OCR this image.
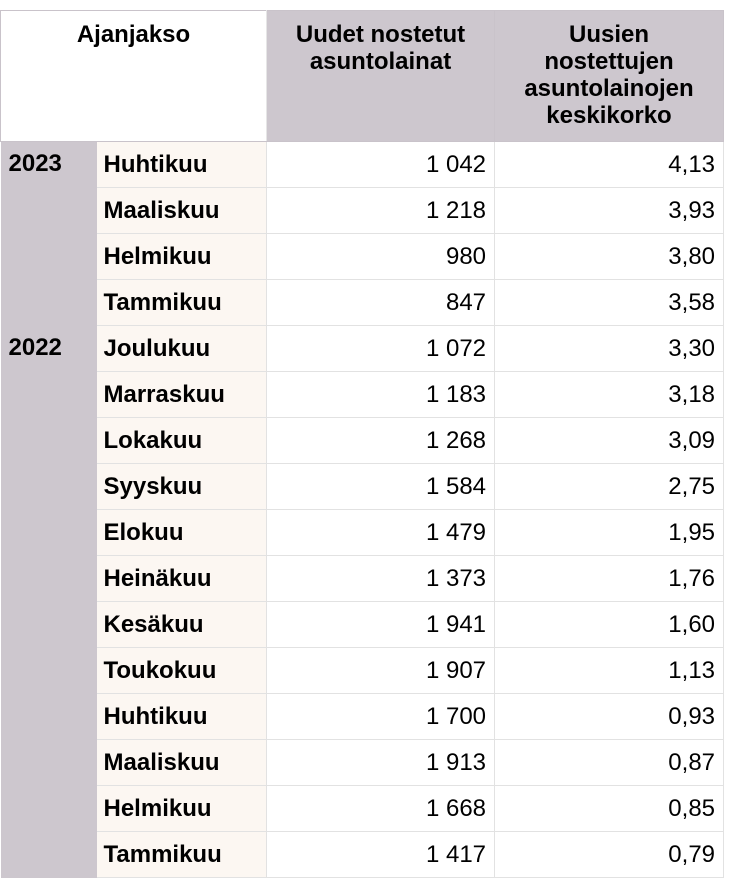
Ajanjakso		Uudet nostetut asuntolainat	Uusien nostettujen asuntolainojen keskikorko
2023	Huhtikuu	1 042	4,13
	Maaliskuu	1 218	3,93
	Helmikuu	980	3,80
	Tammikuu	847	3,58
2022	Joulukuu	1 072	3,30
	Marraskuu	1 183	3,18
	Lokakuu	1 268	3,09
	Syyskuu	1 584	2,75
	Elokuu	1 479	1,95
	Heinäkuu	1 373	1,76
	Kesäkuu	1 941	1,60
	Toukokuu	1 907	1,13
	Huhtikuu	1 700	0,93
	Maaliskuu	1 913	0,87
	Helmikuu	1 668	0,85
	Tammikuu	1 417	0,79
